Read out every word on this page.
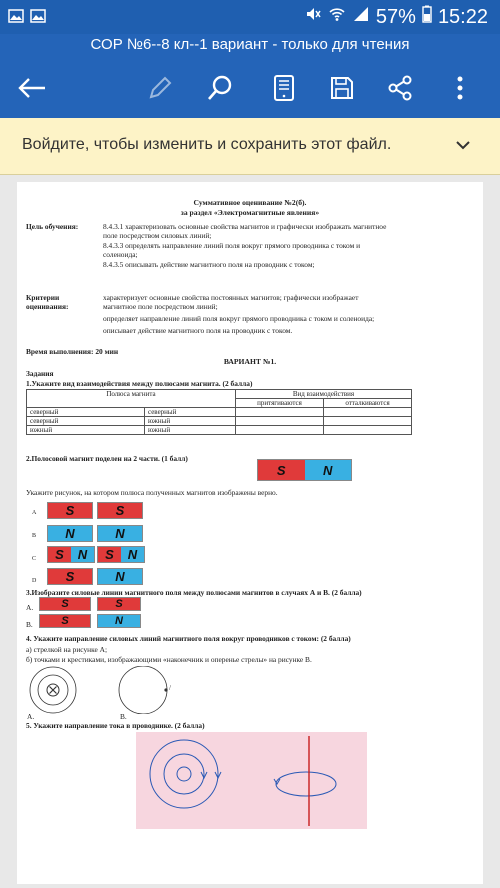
57% 15:22
СОР №6--8 кл--1 вариант - только для чтения
Войдите, чтобы изменить и сохранить этот файл.
Суммативное оценивание №2(б).
за раздел «Электромагнитные явления»
Цель обучения:	8.4.3.1 характеризовать основные свойства магнитов и графически изображать магнитное
поле посредством силовых линий;
8.4.3.3 определять направление линий поля вокруг прямого проводника с током и
соленоида;
8.4.3.5 описывать действие магнитного поля на проводник с током;
Критерии
оценивания:
характеризует основные свойства постоянных магнитов; графически изображает
магнитное поле посредством линий;
определяет направление линий поля вокруг прямого проводника с током и соленоида;
описывает действие магнитного поля на проводник с током.
Время выполнения: 20 мин
ВАРИАНТ №1.
Задания
1.Укажите вид взаимодействия между полюсами магнита. (2 балла)
Полюса магнита		Вид взаимодействия	
		притягиваются	отталкиваются
северный	северный		
северный	южный		
южный	южный		
2.Полосовой магнит поделен на 2 части. (1 балл)
S	N
Укажите рисунок, на котором полюса полученных магнитов изображены верно.
A	S	S
B	N	N
C	S	N	S	N
D	S	N
3.Изобразите силовые линии магнитного поля между полюсами магнитов в случаях А и В. (2 балла)
А.	S	S
В.	S	N
4. Укажите направление силовых линий магнитного поля вокруг проводников с током: (2 балла)
а) стрелкой на рисунке А;
б) точками и крестиками, изображающими «наконечник и оперенье стрелы» на рисунке В.
/
А.	В.
5. Укажите направление тока в проводнике. (2 балла)
